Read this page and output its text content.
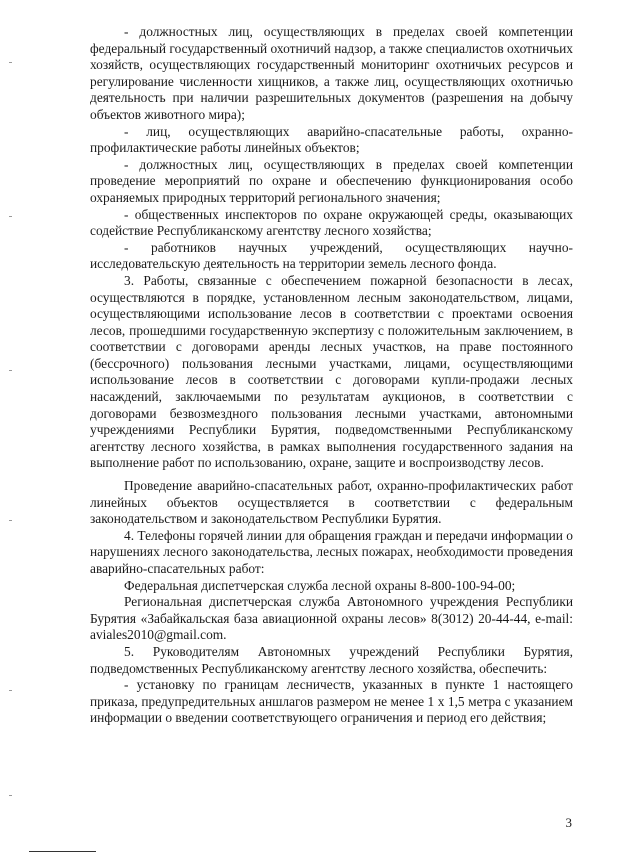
- должностных лиц, осуществляющих в пределах своей компетенции федеральный государственный охотничий надзор, а также специалистов охотничьих хозяйств, осуществляющих государственный мониторинг охотничьих ресурсов и регулирование численности хищников, а также лиц, осуществляющих охотничью деятельность при наличии разрешительных документов (разрешения на добычу объектов животного мира);

- лиц, осуществляющих аварийно-спасательные работы, охранно-профилактические работы линейных объектов;

- должностных лиц, осуществляющих в пределах своей компетенции проведение мероприятий по охране и обеспечению функционирования особо охраняемых природных территорий регионального значения;

- общественных инспекторов по охране окружающей среды, оказывающих содействие Республиканскому агентству лесного хозяйства;

- работников научных учреждений, осуществляющих научно-исследовательскую деятельность на территории земель лесного фонда.

3. Работы, связанные с обеспечением пожарной безопасности в лесах, осуществляются в порядке, установленном лесным законодательством, лицами, осуществляющими использование лесов в соответствии с проектами освоения лесов, прошедшими государственную экспертизу с положительным заключением, в соответствии с договорами аренды лесных участков, на праве постоянного (бессрочного) пользования лесными участками, лицами, осуществляющими использование лесов в соответствии с договорами купли-продажи лесных насаждений, заключаемыми по результатам аукционов, в соответствии с договорами безвозмездного пользования лесными участками, автономными учреждениями Республики Бурятия, подведомственными Республиканскому агентству лесного хозяйства, в рамках выполнения государственного задания на выполнение работ по использованию, охране, защите и воспроизводству лесов.

Проведение аварийно-спасательных работ, охранно-профилактических работ линейных объектов осуществляется в соответствии с федеральным законодательством и законодательством Республики Бурятия.

4. Телефоны горячей линии для обращения граждан и передачи информации о нарушениях лесного законодательства, лесных пожарах, необходимости проведения аварийно-спасательных работ:

Федеральная диспетчерская служба лесной охраны 8-800-100-94-00;

Региональная диспетчерская служба Автономного учреждения Республики Бурятия «Забайкальская база авиационной охраны лесов» 8(3012) 20-44-44, e-mail: aviales2010@gmail.com.

5. Руководителям Автономных учреждений Республики Бурятия, подведомственных Республиканскому агентству лесного хозяйства, обеспечить:

- установку по границам лесничеств, указанных в пункте 1 настоящего приказа, предупредительных аншлагов размером не менее 1 х 1,5 метра с указанием информации о введении соответствующего ограничения и период его действия;

3
